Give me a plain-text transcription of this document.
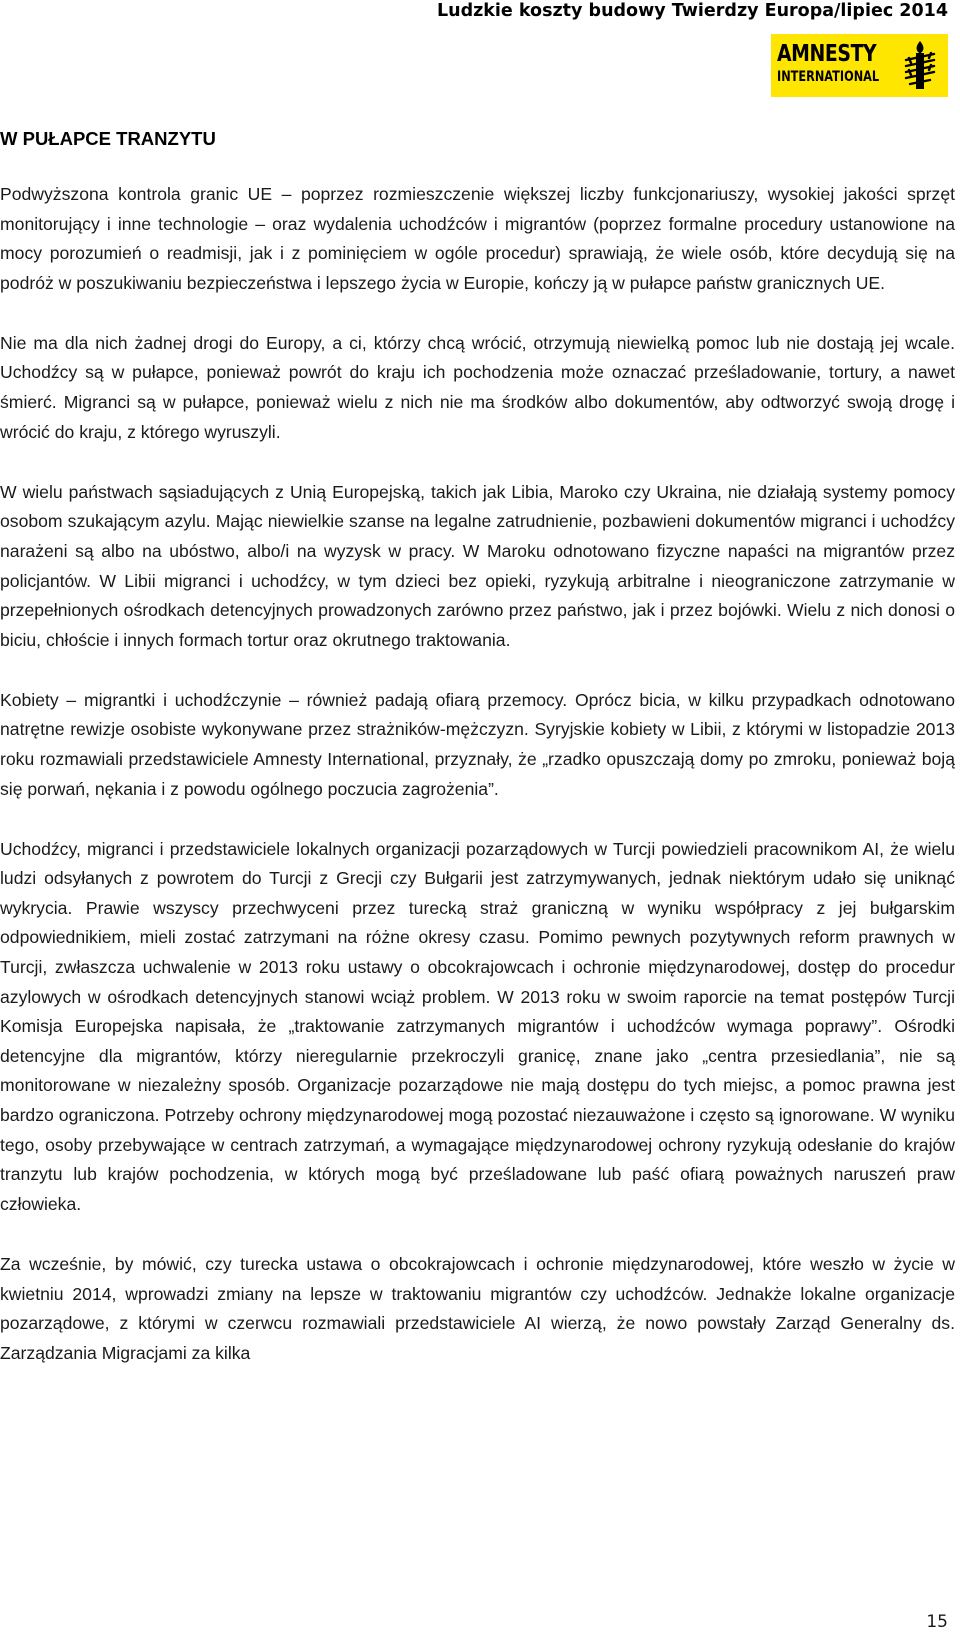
Ludzkie koszty budowy Twierdzy Europa/lipiec 2014
AMNESTY
INTERNATIONAL
W PUŁAPCE TRANZYTU

Podwyższona kontrola granic UE – poprzez rozmieszczenie większej liczby funkcjonariuszy, wysokiej jakości sprzęt monitorujący i inne technologie – oraz wydalenia uchodźców i migrantów (poprzez formalne procedury ustanowione na mocy porozumień o readmisji, jak i z pominięciem w ogóle procedur) sprawiają, że wiele osób, które decydują się na podróż w poszukiwaniu bezpieczeństwa i lepszego życia w Europie, kończy ją w pułapce państw granicznych UE.

Nie ma dla nich żadnej drogi do Europy, a ci, którzy chcą wrócić, otrzymują niewielką pomoc lub nie dostają jej wcale. Uchodźcy są w pułapce, ponieważ powrót do kraju ich pochodzenia może oznaczać prześladowanie, tortury, a nawet śmierć. Migranci są w pułapce, ponieważ wielu z nich nie ma środków albo dokumentów, aby odtworzyć swoją drogę i wrócić do kraju, z którego wyruszyli.

W wielu państwach sąsiadujących z Unią Europejską, takich jak Libia, Maroko czy Ukraina, nie działają systemy pomocy osobom szukającym azylu. Mając niewielkie szanse na legalne zatrudnienie, pozbawieni dokumentów migranci i uchodźcy narażeni są albo na ubóstwo, albo/i na wyzysk w pracy. W Maroku odnotowano fizyczne napaści na migrantów przez policjantów. W Libii migranci i uchodźcy, w tym dzieci bez opieki, ryzykują arbitralne i nieograniczone zatrzymanie w przepełnionych ośrodkach detencyjnych prowadzonych zarówno przez państwo, jak i przez bojówki. Wielu z nich donosi o biciu, chłoście i innych formach tortur oraz okrutnego traktowania.

Kobiety – migrantki i uchodźczynie – również padają ofiarą przemocy. Oprócz bicia, w kilku przypadkach odnotowano natrętne rewizje osobiste wykonywane przez strażników-mężczyzn. Syryjskie kobiety w Libii, z którymi w listopadzie 2013 roku rozmawiali przedstawiciele Amnesty International, przyznały, że „rzadko opuszczają domy po zmroku, ponieważ boją się porwań, nękania i z powodu ogólnego poczucia zagrożenia”.

Uchodźcy, migranci i przedstawiciele lokalnych organizacji pozarządowych w Turcji powiedzieli pracownikom AI, że wielu ludzi odsyłanych z powrotem do Turcji z Grecji czy Bułgarii jest zatrzymywanych, jednak niektórym udało się uniknąć wykrycia. Prawie wszyscy przechwyceni przez turecką straż graniczną w wyniku współpracy z jej bułgarskim odpowiednikiem, mieli zostać zatrzymani na różne okresy czasu. Pomimo pewnych pozytywnych reform prawnych w Turcji, zwłaszcza uchwalenie w 2013 roku ustawy o obcokrajowcach i ochronie międzynarodowej, dostęp do procedur azylowych w ośrodkach detencyjnych stanowi wciąż problem. W 2013 roku w swoim raporcie na temat postępów Turcji Komisja Europejska napisała, że „traktowanie zatrzymanych migrantów i uchodźców wymaga poprawy”. Ośrodki detencyjne dla migrantów, którzy nieregularnie przekroczyli granicę, znane jako „centra przesiedlania”, nie są monitorowane w niezależny sposób. Organizacje pozarządowe nie mają dostępu do tych miejsc, a pomoc prawna jest bardzo ograniczona. Potrzeby ochrony międzynarodowej mogą pozostać niezauważone i często są ignorowane. W wyniku tego, osoby przebywające w centrach zatrzymań, a wymagające międzynarodowej ochrony ryzykują odesłanie do krajów tranzytu lub krajów pochodzenia, w których mogą być prześladowane lub paść ofiarą poważnych naruszeń praw człowieka.

Za wcześnie, by mówić, czy turecka ustawa o obcokrajowcach i ochronie międzynarodowej, które weszło w życie w kwietniu 2014, wprowadzi zmiany na lepsze w traktowaniu migrantów czy uchodźców. Jednakże lokalne organizacje pozarządowe, z którymi w czerwcu rozmawiali przedstawiciele AI wierzą, że nowo powstały Zarząd Generalny ds. Zarządzania Migracjami za kilka

15
